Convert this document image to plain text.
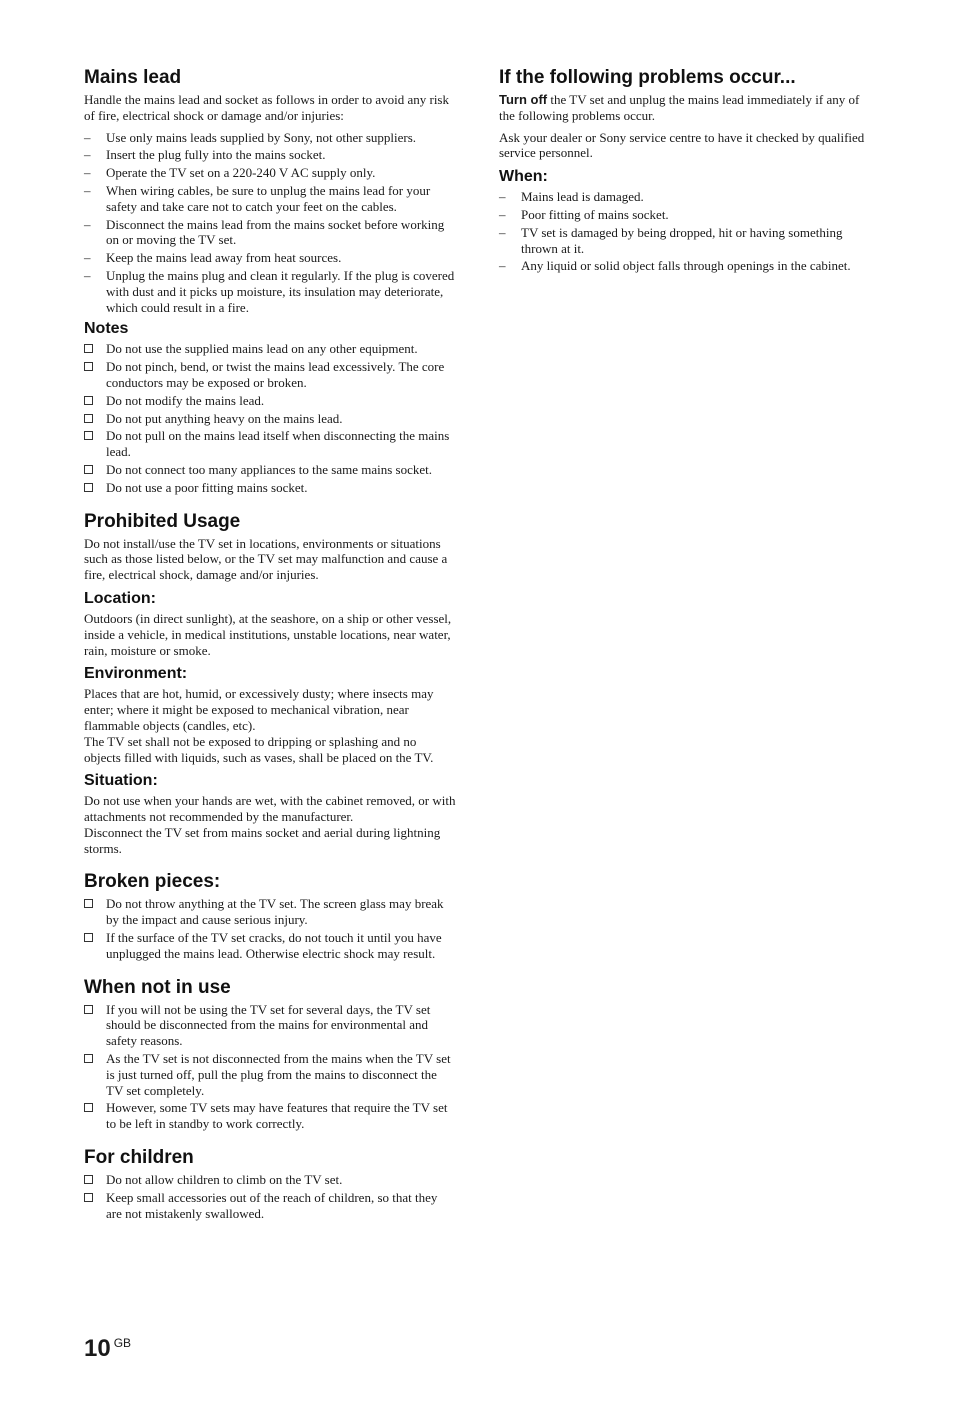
Mains lead

Handle the mains lead and socket as follows in order to avoid any risk of fire, electrical shock or damage and/or injuries:

– Use only mains leads supplied by Sony, not other suppliers.
– Insert the plug fully into the mains socket.
– Operate the TV set on a 220-240 V AC supply only.
– When wiring cables, be sure to unplug the mains lead for your safety and take care not to catch your feet on the cables.
– Disconnect the mains lead from the mains socket before working on or moving the TV set.
– Keep the mains lead away from heat sources.
– Unplug the mains plug and clean it regularly. If the plug is covered with dust and it picks up moisture, its insulation may deteriorate, which could result in a fire.
Notes
Do not use the supplied mains lead on any other equipment.
Do not pinch, bend, or twist the mains lead excessively. The core conductors may be exposed or broken.
Do not modify the mains lead.
Do not put anything heavy on the mains lead.
Do not pull on the mains lead itself when disconnecting the mains lead.
Do not connect too many appliances to the same mains socket.
Do not use a poor fitting mains socket.
Prohibited Usage

Do not install/use the TV set in locations, environments or situations such as those listed below, or the TV set may malfunction and cause a fire, electrical shock, damage and/or injuries.

Location:

Outdoors (in direct sunlight), at the seashore, on a ship or other vessel, inside a vehicle, in medical institutions, unstable locations, near water, rain, moisture or smoke.

Environment:

Places that are hot, humid, or excessively dusty; where insects may enter; where it might be exposed to mechanical vibration, near flammable objects (candles, etc).

The TV set shall not be exposed to dripping or splashing and no objects filled with liquids, such as vases, shall be placed on the TV.

Situation:

Do not use when your hands are wet, with the cabinet removed, or with attachments not recommended by the manufacturer.

Disconnect the TV set from mains socket and aerial during lightning storms.

Broken pieces:
Do not throw anything at the TV set. The screen glass may break by the impact and cause serious injury.
If the surface of the TV set cracks, do not touch it until you have unplugged the mains lead. Otherwise electric shock may result.
When not in use
If you will not be using the TV set for several days, the TV set should be disconnected from the mains for environmental and safety reasons.
As the TV set is not disconnected from the mains when the TV set is just turned off, pull the plug from the mains to disconnect the TV set completely.
However, some TV sets may have features that require the TV set to be left in standby to work correctly.
For children
Do not allow children to climb on the TV set.
Keep small accessories out of the reach of children, so that they are not mistakenly swallowed.
If the following problems occur...

Turn off the TV set and unplug the mains lead immediately if any of the following problems occur.

Ask your dealer or Sony service centre to have it checked by qualified service personnel.

When:
– Mains lead is damaged.
– Poor fitting of mains socket.
– TV set is damaged by being dropped, hit or having something thrown at it.
– Any liquid or solid object falls through openings in the cabinet.
10 $^{GB}$
